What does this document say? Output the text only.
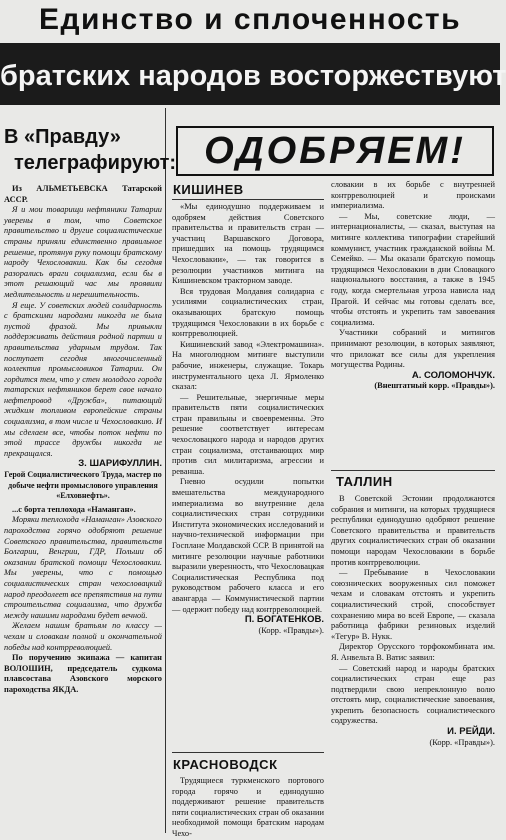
Единство и сплоченность
братских народов восторжествуют
В «Правду»
телеграфируют:

Из АЛЬМЕТЬЕВСКА Татарской АССР.

Я и мои товарищи нефтяники Татарии уверены в том, что Советское правительство и другие социалистические страны приняли единственно правильное решение, протянув руку помощи братскому народу Чехословакии. Как бы сегодня разорались враги социализма, если бы в этот решающий час мы проявили медлительность и нерешительность.

Я еще. У советских людей солидарность с братскими народами никогда не была пустой фразой. Мы привыкли поддерживать действия родной партии и правительства ударным трудом. Так поступает сегодня многочисленный коллектив промысловиков Татарии. Он гордится тем, что у стен молодого города татарских нефтяников берет свое начало нефтепровод «Дружба», питающий жидким топливом европейские страны социализма, в том числе и Чехословакию. И мы сделаем все, чтобы поток нефти по этой трассе дружбы никогда не прекращался.

З. ШАРИФУЛЛИН.

Герой Социалистического Труда, мастер по добыче нефти промыслового управления «Елховнефть».

...с борта теплохода «Наманган».

Моряки теплохода «Наманган» Азовского пароходства горячо одобряют решение Советского правительства, правительств Болгарии, Венгрии, ГДР, Польши об оказании братской помощи Чехословакии. Мы уверены, что с помощью социалистических стран чехословацкий народ преодолеет все препятствия на пути строительства социализма, что дружба между нашими народами будет вечной.

Желаем нашим братьям по классу — чехам и словакам полной и окончательной победы над контрреволюцией.

По поручению экипажа — капитан ВОЛОШИН, председатель судкома плавсостава Азовского морского пароходства ЯКДА.

ОДОБРЯЕМ!
КИШИНЕВ

«Мы единодушно поддерживаем и одобряем действия Советского правительства и правительств стран — участниц Варшавского Договора, пришедших на помощь трудящимся Чехословакии», — так говорится в резолюции участников митинга на Кишиневском тракторном заводе.

Вся трудовая Молдавия солидарна с усилиями социалистических стран, оказывающих братскую помощь трудящимся Чехословакии в их борьбе с контрреволюцией.

Кишиневский завод «Электромашина». На многолюдном митинге выступили рабочие, инженеры, служащие. Токарь инструментального цеха Л. Ярмоленко сказал:

— Решительные, энергичные меры правительств пяти социалистических стран правильны и своевременны. Это решение соответствует интересам чехословацкого народа и народов других стран социализма, отстаивающих мир против сил милитаризма, агрессии и реванша.

Гневно осудили попытки вмешательства международного империализма во внутренние дела социалистических стран сотрудники Института экономических исследований и научно-технической информации при Госплане Молдавской ССР. В принятой на митинге резолюции научные работники выразили уверенность, что Чехословацкая Социалистическая Республика под руководством рабочего класса и его авангарда — Коммунистической партии — одержит победу над контрреволюцией.

П. БОГАТЕНКОВ.

(Корр. «Правды»).

КРАСНОВОДСК

Трудящиеся туркменского портового города горячо и единодушно поддерживают решение правительств пяти социалистических стран об оказании необходимой помощи братским народам Чехо-

словакии в их борьбе с внутренней контрреволюцией и происками империализма.

— Мы, советские люди, — интернационалисты, — сказал, выступая на митинге коллектива типографии старейший коммунист, участник гражданской войны М. Семейко. — Мы оказали братскую помощь трудящимся Чехословакии в дни Словацкого национального восстания, а также в 1945 году, когда смертельная угроза нависла над Прагой. И сейчас мы готовы сделать все, чтобы отстоять и укрепить там завоевания социализма.

Участники собраний и митингов принимают резолюции, в которых заявляют, что приложат все силы для укрепления могущества Родины.

А. СОЛОМОНЧУК.

(Внештатный корр. «Правды»).

ТАЛЛИН

В Советской Эстонии продолжаются собрания и митинги, на которых трудящиеся республики единодушно одобряют решение Советского правительства и правительств других социалистических стран об оказании помощи народам Чехословакии в борьбе против контрреволюции.

— Пребывание в Чехословакии союзнических вооруженных сил поможет чехам и словакам отстоять и укрепить социалистический строй, способствует сохранению мира во всей Европе, — сказала работница фабрики резиновых изделий «Тегур» В. Нукк.

Директор Орусского торфокомбината им. Я. Анвельта В. Ватис заявил:

— Советский народ и народы братских социалистических стран еще раз подтвердили свою непреклонную волю отстоять мир, социалистические завоевания, укрепить безопасность социалистического содружества.

И. РЕЙДИ.

(Корр. «Правды»).
